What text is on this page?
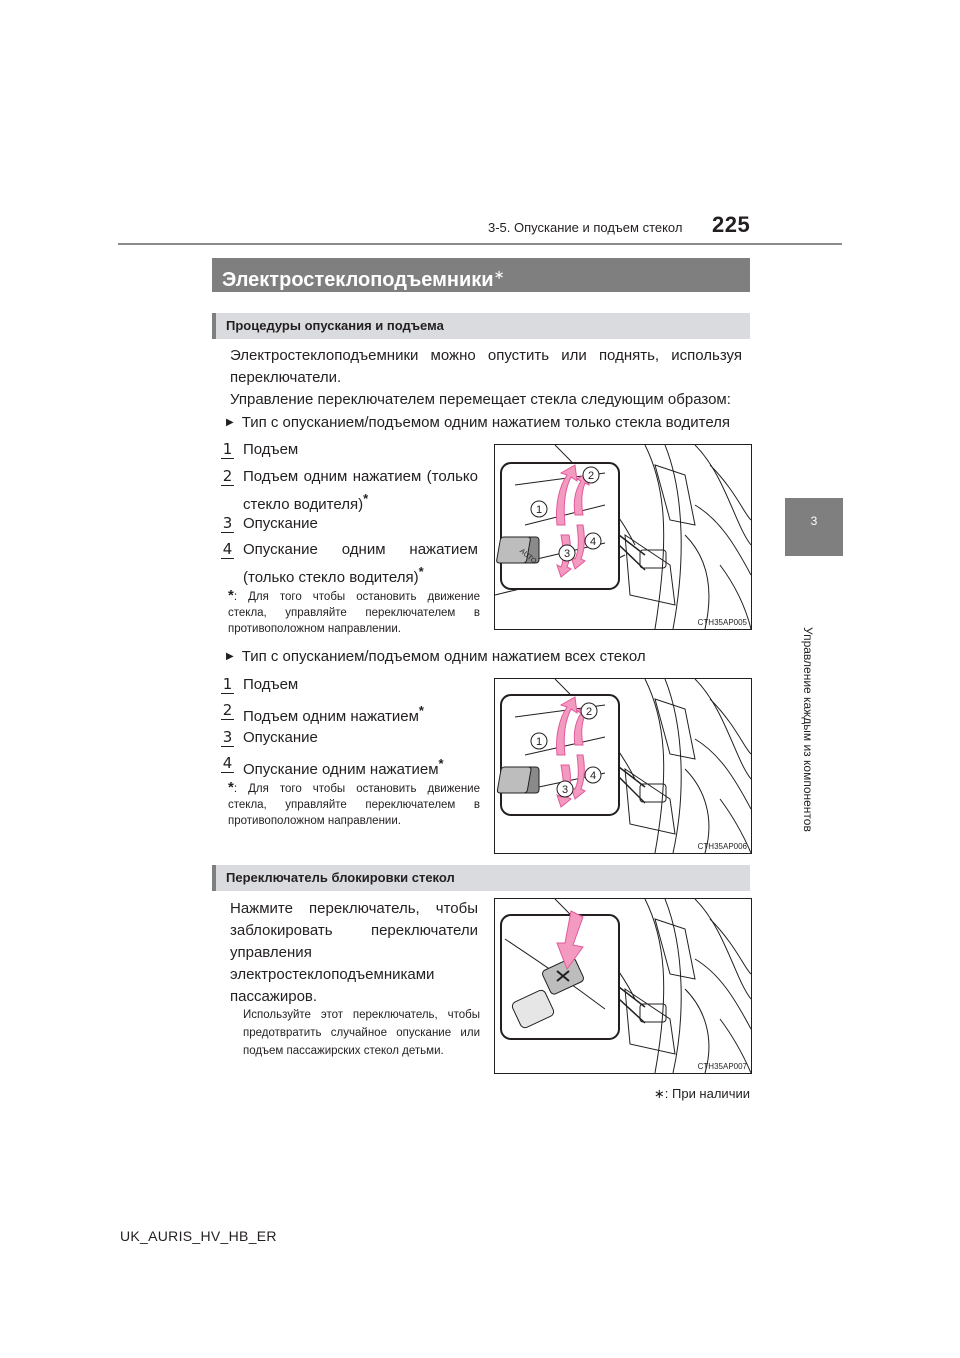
3-5. Опускание и подъем стекол 225
3
Управление каждым из компонентов
Электростеклоподъемники∗
Процедуры опускания и подъема
Электростеклоподъемники можно опустить или поднять, используя переключатели.
Управление переключателем перемещает стекла следующим образом:
▶ Тип с опусканием/подъемом одним нажатием только стекла водителя
1 Подъем
2 Подъем одним нажатием (только стекло водителя)*
3 Опускание
4 Опускание одним нажатием (только стекло водителя)*
*: Для того чтобы остановить движение стекла, управляйте переключателем в противоположном направлении.
AUTO
1
2
3
4
CTH35AP005
▶ Тип с опусканием/подъемом одним нажатием всех стекол
1 Подъем
2 Подъем одним нажатием*
3 Опускание
4 Опускание одним нажатием*
*: Для того чтобы остановить движение стекла, управляйте переключателем в противоположном направлении.
1
2
3
4
CTH35AP006
Переключатель блокировки стекол
Нажмите переключатель, чтобы заблокировать переключатели управления электростеклоподъемниками пассажиров.
Используйте этот переключатель, чтобы предотвратить случайное опускание или подъем пассажирских стекол детьми.
CTH35AP007
∗: При наличии
UK_AURIS_HV_HB_ER
